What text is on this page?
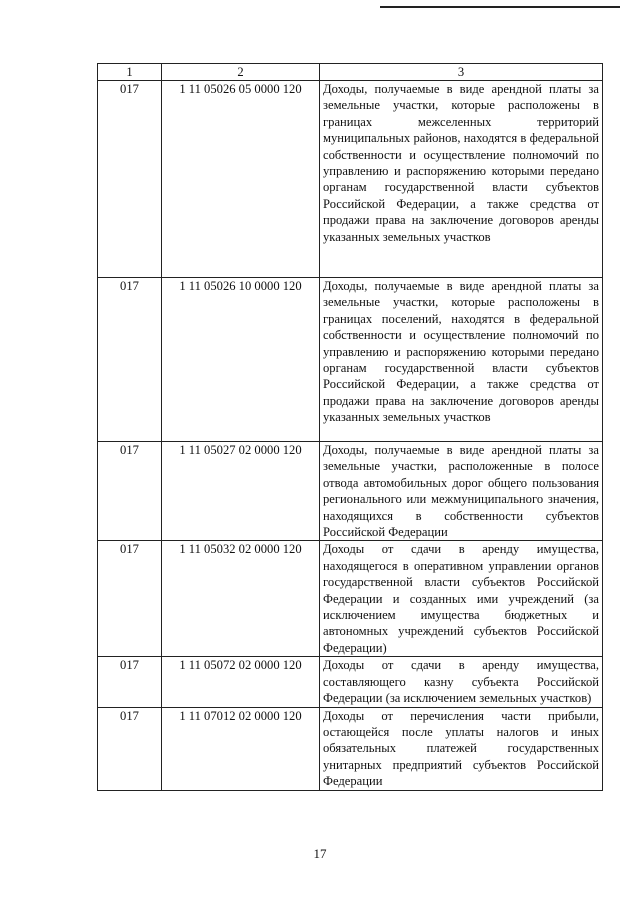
1	2	3
017	1 11 05026 05 0000 120	Доходы, получаемые в виде арендной платы за земельные участки, которые расположены в границах межселенных территорий муниципальных районов, находятся в федеральной собственности и осуществление полномочий по управлению и распоряжению которыми передано органам государственной власти субъектов Российской Федерации, а также средства от продажи права на заключение договоров аренды указанных земельных участков
017	1 11 05026 10 0000 120	Доходы, получаемые в виде арендной платы за земельные участки, которые расположены в границах поселений, находятся в федеральной собственности и осуществление полномочий по управлению и распоряжению которыми передано органам государственной власти субъектов Российской Федерации, а также средства от продажи права на заключение договоров аренды указанных земельных участков
017	1 11 05027 02 0000 120	Доходы, получаемые в виде арендной платы за земельные участки, расположенные в полосе отвода автомобильных дорог общего пользования регионального или межмуниципального значения, находящихся в собственности субъектов Российской Федерации
017	1 11 05032 02 0000 120	Доходы от сдачи в аренду имущества, находящегося в оперативном управлении органов государственной власти субъектов Российской Федерации и созданных ими учреждений (за исключением имущества бюджетных и автономных учреждений субъектов Российской Федерации)
017	1 11 05072 02 0000 120	Доходы от сдачи в аренду имущества, составляющего казну субъекта Российской Федерации (за исключением земельных участков)
017	1 11 07012 02 0000 120	Доходы от перечисления части прибыли, остающейся после уплаты налогов и иных обязательных платежей государственных унитарных предприятий субъектов Российской Федерации
17
